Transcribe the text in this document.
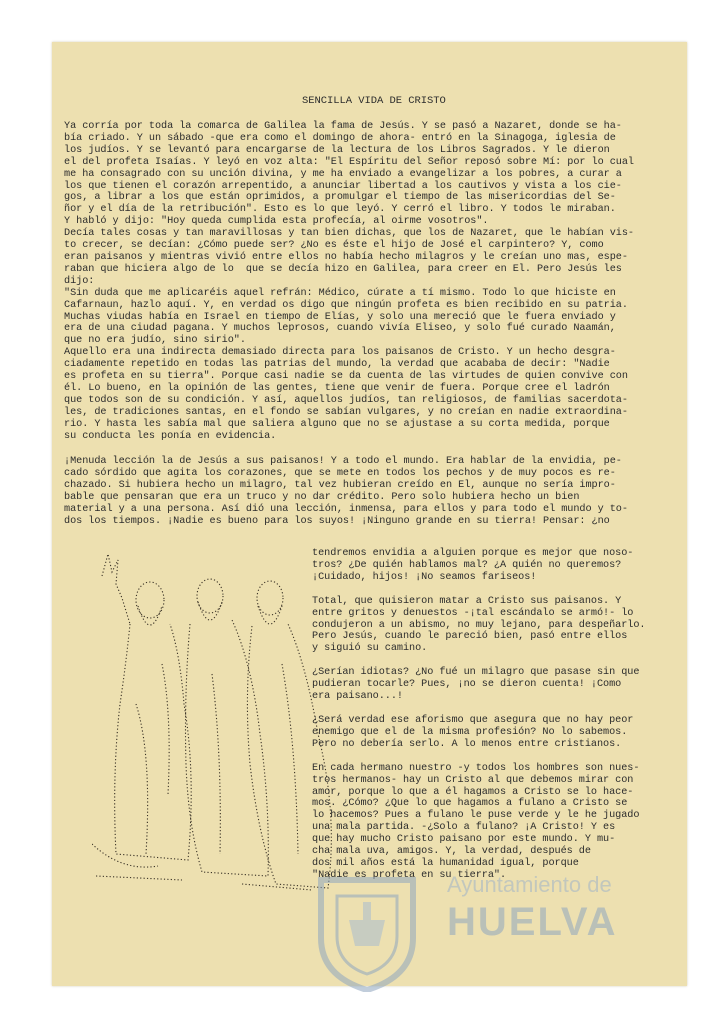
SENCILLA VIDA DE CRISTO

Ya corría por toda la comarca de Galilea la fama de Jesús. Y se pasó a Nazaret, donde se ha-

bía criado. Y un sábado -que era como el domingo de ahora- entró en la Sinagoga, iglesia de

los judíos. Y se levantó para encargarse de la lectura de los Libros Sagrados. Y le dieron

el del profeta Isaías. Y leyó en voz alta: "El Espíritu del Señor reposó sobre Mí: por lo cual

me ha consagrado con su unción divina, y me ha enviado a evangelizar a los pobres, a curar a

los que tienen el corazón arrepentido, a anunciar libertad a los cautivos y vista a los cie-

gos, a librar a los que están oprimidos, a promulgar el tiempo de las misericordias del Se-

ñor y el día de la retribución". Esto es lo que leyó. Y cerró el libro. Y todos le miraban.

Y habló y dijo: "Hoy queda cumplida esta profecía, al oirme vosotros".

Decía tales cosas y tan maravillosas y tan bien dichas, que los de Nazaret, que le habían vis-

to crecer, se decían: ¿Cómo puede ser? ¿No es éste el hijo de José el carpintero? Y, como

eran paisanos y mientras vivió entre ellos no había hecho milagros y le creían uno mas, espe-

raban que hiciera algo de lo  que se decía hizo en Galilea, para creer en El. Pero Jesús les

dijo:

"Sin duda que me aplicaréis aquel refrán: Médico, cúrate a tí mismo. Todo lo que hiciste en

Cafarnaun, hazlo aquí. Y, en verdad os digo que ningún profeta es bien recibido en su patria.

Muchas viudas había en Israel en tiempo de Elías, y solo una mereció que le fuera enviado y

era de una ciudad pagana. Y muchos leprosos, cuando vivía Eliseo, y solo fué curado Naamán,

que no era judío, sino sirio".

Aquello era una indirecta demasiado directa para los paisanos de Cristo. Y un hecho desgra-

ciadamente repetido en todas las patrias del mundo, la verdad que acababa de decir: "Nadie

es profeta en su tierra". Porque casi nadie se da cuenta de las virtudes de quien convive con

él. Lo bueno, en la opinión de las gentes, tiene que venir de fuera. Porque cree el ladrón

que todos son de su condición. Y así, aquellos judíos, tan religiosos, de familias sacerdota-

les, de tradiciones santas, en el fondo se sabían vulgares, y no creían en nadie extraordina-

rio. Y hasta les sabía mal que saliera alguno que no se ajustase a su corta medida, porque

su conducta les ponía en evidencia.

¡Menuda lección la de Jesús a sus paisanos! Y a todo el mundo. Era hablar de la envidia, pe-

cado sórdido que agita los corazones, que se mete en todos los pechos y de muy pocos es re-

chazado. Si hubiera hecho un milagro, tal vez hubieran creído en El, aunque no sería impro-

bable que pensaran que era un truco y no dar crédito. Pero solo hubiera hecho un bien

material y a una persona. Así dió una lección, inmensa, para ellos y para todo el mundo y to-

dos los tiempos. ¡Nadie es bueno para los suyos! ¡Ninguno grande en su tierra! Pensar: ¿no

tendremos envidia a alguien porque es mejor que noso-

tros? ¿De quién hablamos mal? ¿A quién no queremos?

¡Cuidado, hijos! ¡No seamos fariseos!

Total, que quisieron matar a Cristo sus paisanos. Y

entre gritos y denuestos -¡tal escándalo se armó!- lo

condujeron a un abismo, no muy lejano, para despeñarlo.

Pero Jesús, cuando le pareció bien, pasó entre ellos

y siguió su camino.

¿Serían idiotas? ¿No fué un milagro que pasase sin que

pudieran tocarle? Pues, ¡no se dieron cuenta! ¡Como

era paisano...!

¿Será verdad ese aforismo que asegura que no hay peor

enemigo que el de la misma profesión? No lo sabemos.

Pero no debería serlo. A lo menos entre cristianos.

En cada hermano nuestro -y todos los hombres son nues-

tros hermanos- hay un Cristo al que debemos mirar con

amor, porque lo que a él hagamos a Cristo se lo hace-

mos. ¿Cómo? ¿Que lo que hagamos a fulano a Cristo se

lo hacemos? Pues a fulano le puse verde y le he jugado

una mala partida. -¿Solo a fulano? ¡A Cristo! Y es

que hay mucho Cristo paisano por este mundo. Y mu-

cha mala uva, amigos. Y, la verdad, después de

dos mil años está la humanidad igual, porque

"Nadie es profeta en su tierra".

Ayuntamiento de
HUELVA
